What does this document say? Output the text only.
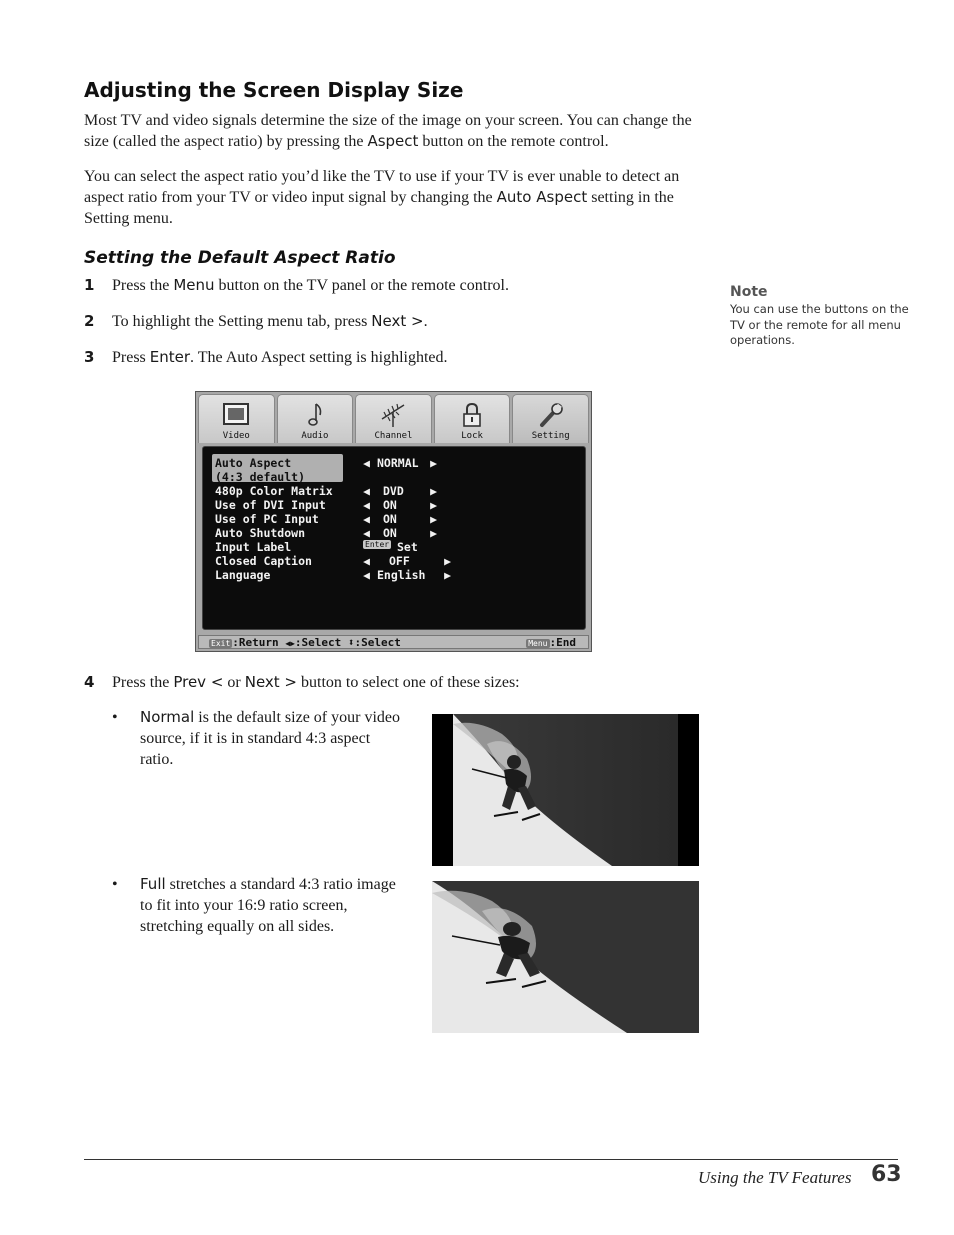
Adjusting the Screen Display Size

Most TV and video signals determine the size of the image on your screen. You can change the size (called the aspect ratio) by pressing the Aspect button on the remote control.

You can select the aspect ratio you’d like the TV to use if your TV is ever unable to detect an aspect ratio from your TV or video input signal by changing the Auto Aspect setting in the Setting menu.

Setting the Default Aspect Ratio
1 Press the Menu button on the TV panel or the remote control.
2 To highlight the Setting menu tab, press Next >.
3 Press Enter. The Auto Aspect setting is highlighted.
Note
You can use the buttons on the TV or the remote for all menu operations.
Video	Audio	Channel	Lock	Setting
Auto Aspect	◀ NORMAL ▶
(4:3 default)
480p Color Matrix	◀ DVD ▶
Use of DVI Input	◀ ON	▶
Use of PC Input	◀ ON	▶
Auto Shutdown	◀ ON	▶
Input Label	Enter Set
Closed Caption	◀ OFF	▶
Language	◀ English ▶
Exit :Return ◀▶:Select ⬍:Select	Menu :End
4 Press the Prev < or Next > button to select one of these sizes:
• Normal is the default size of your video source, if it is in standard 4:3 aspect ratio.
• Full stretches a standard 4:3 ratio image to fit into your 16:9 ratio screen, stretching equally on all sides.
Using the TV Features 63
